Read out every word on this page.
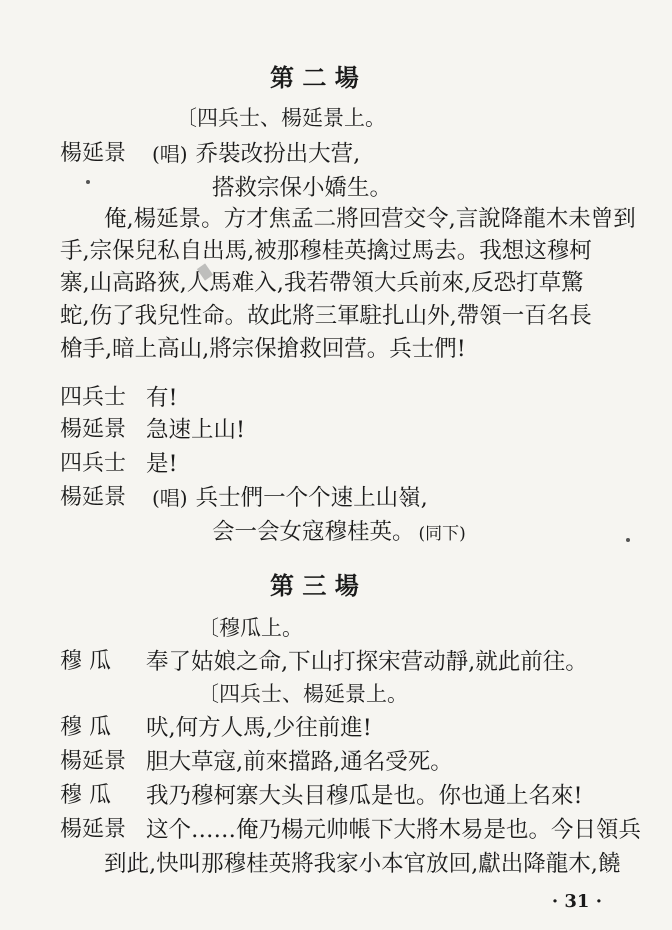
第 二 場
〔四兵士、楊延景上。
楊延景 (唱) 乔裝改扮出大营,
搭救宗保小嬌生。
俺,楊延景。方才焦孟二將回营交令,言說降龍木未曾到
手,宗保兒私自出馬,被那穆桂英擒过馬去。我想这穆柯
寨,山高路狹,人馬难入,我若帶領大兵前來,反恐打草驚
蛇,伤了我兒性命。故此將三軍駐扎山外,帶領一百名長
槍手,暗上高山,將宗保搶救回营。兵士們!
四兵士 有!
楊延景 急速上山!
四兵士 是!
楊延景 (唱) 兵士們一个个速上山嶺,
会一会女寇穆桂英。 (同下)
第 三 場
〔穆瓜上。
穆 瓜 奉了姑娘之命,下山打探宋营动靜,就此前往。
〔四兵士、楊延景上。
穆 瓜 吠,何方人馬,少往前進!
楊延景 胆大草寇,前來擋路,通名受死。
穆 瓜 我乃穆柯寨大头目穆瓜是也。你也通上名來!
楊延景 这个……俺乃楊元帅帳下大將木易是也。今日領兵
到此,快叫那穆桂英將我家小本官放回,獻出降龍木,饒
· 31 ·
